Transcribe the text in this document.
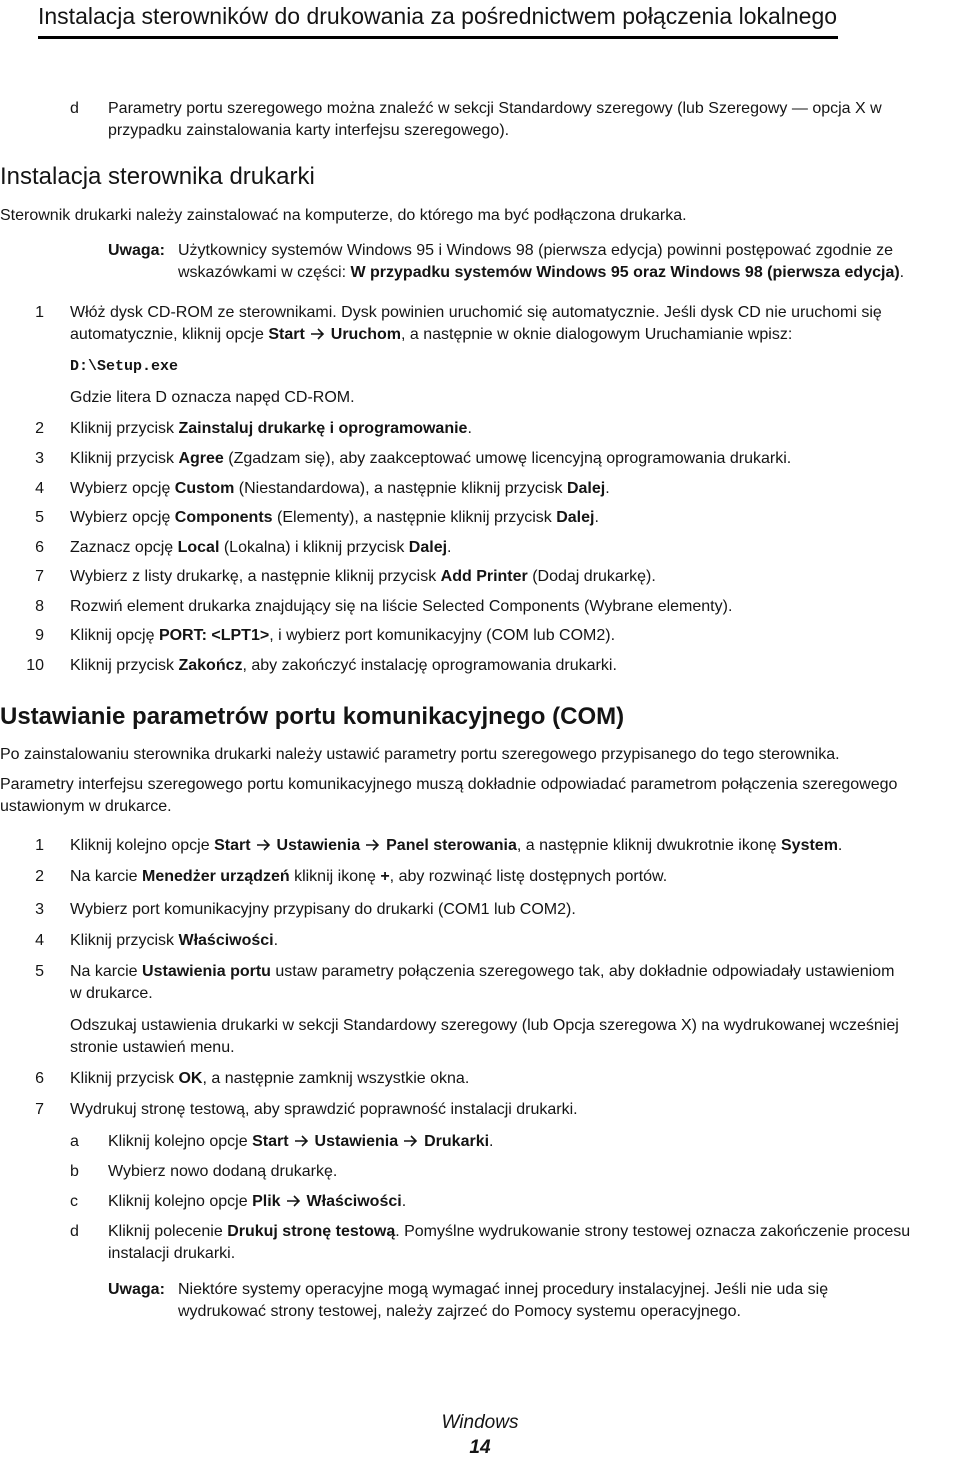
Instalacja sterowników do drukowania za pośrednictwem połączenia lokalnego
d Parametry portu szeregowego można znaleźć w sekcji Standardowy szeregowy (lub Szeregowy — opcja X w przypadku zainstalowania karty interfejsu szeregowego).
Instalacja sterownika drukarki
Sterownik drukarki należy zainstalować na komputerze, do którego ma być podłączona drukarka.
Uwaga: Użytkownicy systemów Windows 95 i Windows 98 (pierwsza edycja) powinni postępować zgodnie ze wskazówkami w części: W przypadku systemów Windows 95 oraz Windows 98 (pierwsza edycja).
1 Włóż dysk CD-ROM ze sterownikami. Dysk powinien uruchomić się automatycznie. Jeśli dysk CD nie uruchomi się automatycznie, kliknij opcje Start Uruchom, a następnie w oknie dialogowym Uruchamianie wpisz:
D:\Setup.exe
Gdzie litera D oznacza napęd CD-ROM.
2 Kliknij przycisk Zainstaluj drukarkę i oprogramowanie.
3 Kliknij przycisk Agree (Zgadzam się), aby zaakceptować umowę licencyjną oprogramowania drukarki.
4 Wybierz opcję Custom (Niestandardowa), a następnie kliknij przycisk Dalej.
5 Wybierz opcję Components (Elementy), a następnie kliknij przycisk Dalej.
6 Zaznacz opcję Local (Lokalna) i kliknij przycisk Dalej.
7 Wybierz z listy drukarkę, a następnie kliknij przycisk Add Printer (Dodaj drukarkę).
8 Rozwiń element drukarka znajdujący się na liście Selected Components (Wybrane elementy).
9 Kliknij opcję PORT: <LPT1>, i wybierz port komunikacyjny (COM lub COM2).
10 Kliknij przycisk Zakończ, aby zakończyć instalację oprogramowania drukarki.
Ustawianie parametrów portu komunikacyjnego (COM)
Po zainstalowaniu sterownika drukarki należy ustawić parametry portu szeregowego przypisanego do tego sterownika.
Parametry interfejsu szeregowego portu komunikacyjnego muszą dokładnie odpowiadać parametrom połączenia szeregowego ustawionym w drukarce.
1 Kliknij kolejno opcje Start Ustawienia Panel sterowania, a następnie kliknij dwukrotnie ikonę System.
2 Na karcie Menedżer urządzeń kliknij ikonę +, aby rozwinąć listę dostępnych portów.
3 Wybierz port komunikacyjny przypisany do drukarki (COM1 lub COM2).
4 Kliknij przycisk Właściwości.
5 Na karcie Ustawienia portu ustaw parametry połączenia szeregowego tak, aby dokładnie odpowiadały ustawieniom w drukarce.
Odszukaj ustawienia drukarki w sekcji Standardowy szeregowy (lub Opcja szeregowa X) na wydrukowanej wcześniej stronie ustawień menu.
6 Kliknij przycisk OK, a następnie zamknij wszystkie okna.
7 Wydrukuj stronę testową, aby sprawdzić poprawność instalacji drukarki.
a Kliknij kolejno opcje Start Ustawienia Drukarki.
b Wybierz nowo dodaną drukarkę.
c Kliknij kolejno opcje Plik Właściwości.
d Kliknij polecenie Drukuj stronę testową. Pomyślne wydrukowanie strony testowej oznacza zakończenie procesu instalacji drukarki.
Uwaga: Niektóre systemy operacyjne mogą wymagać innej procedury instalacyjnej. Jeśli nie uda się wydrukować strony testowej, należy zajrzeć do Pomocy systemu operacyjnego.
Windows
14
